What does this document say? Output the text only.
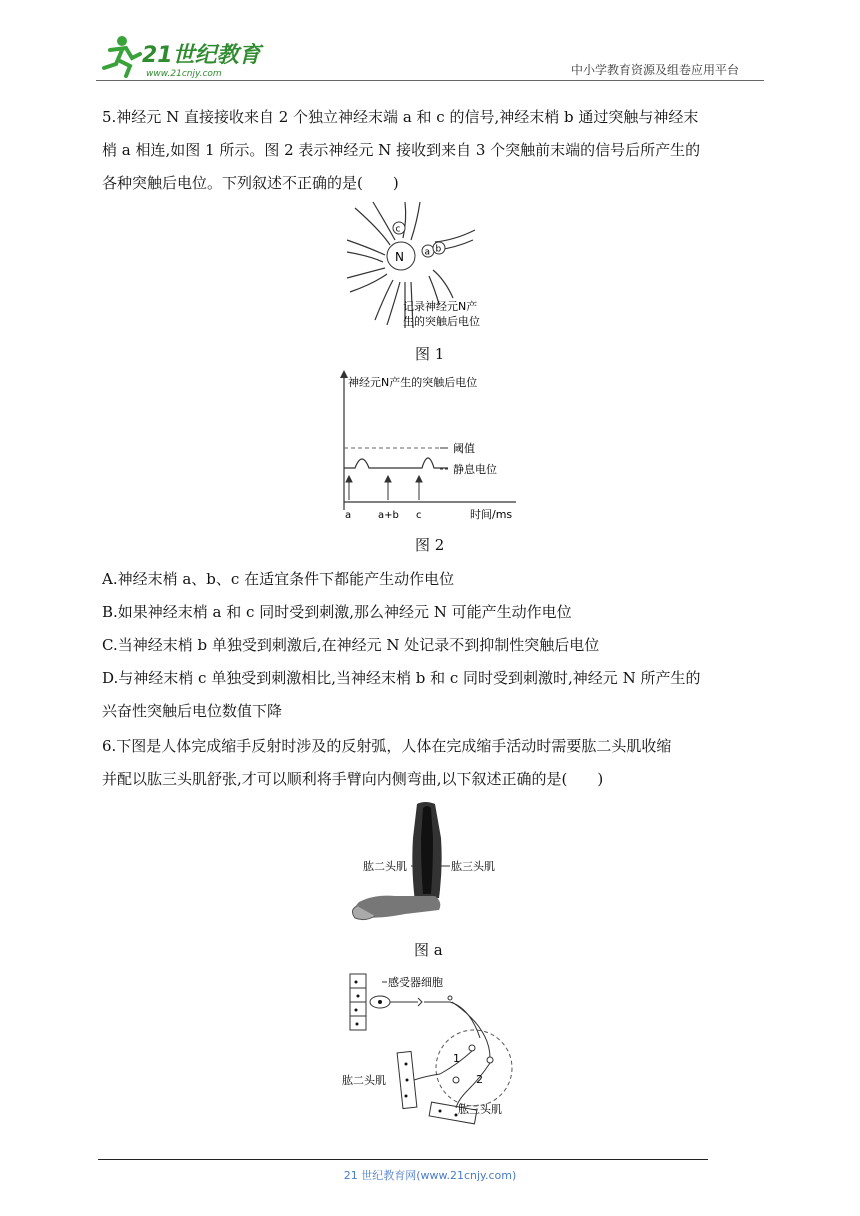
21世纪教育
www.21cnjy.com	中小学教育资源及组卷应用平台
5.神经元 N 直接接收来自 2 个独立神经末端 a 和 c 的信号,神经末梢 b 通过突触与神经末
梢 a 相连,如图 1 所示。图 2 表示神经元 N 接收到来自 3 个突触前末端的信号后所产生的
各种突触后电位。下列叙述不正确的是(　　)
N
c
a b
记录神经元N产
生的突触后电位
图 1
神经元N产生的突触后电位
阈值
静息电位
a	a+b c	时间/ms
图 2
A.神经末梢 a、b、c 在适宜条件下都能产生动作电位
B.如果神经末梢 a 和 c 同时受到刺激,那么神经元 N 可能产生动作电位
C.当神经末梢 b 单独受到刺激后,在神经元 N 处记录不到抑制性突触后电位
D.与神经末梢 c 单独受到刺激相比,当神经末梢 b 和 c 同时受到刺激时,神经元 N 所产生的
兴奋性突触后电位数值下降
6.下图是人体完成缩手反射时涉及的反射弧，人体在完成缩手活动时需要肱二头肌收缩
并配以肱三头肌舒张,才可以顺利将手臂向内侧弯曲,以下叙述正确的是(　　)
肱二头肌	肱三头肌
图 a
感受器细胞
1
2
肱二头肌
肱三头肌
21 世纪教育网(www.21cnjy.com)
